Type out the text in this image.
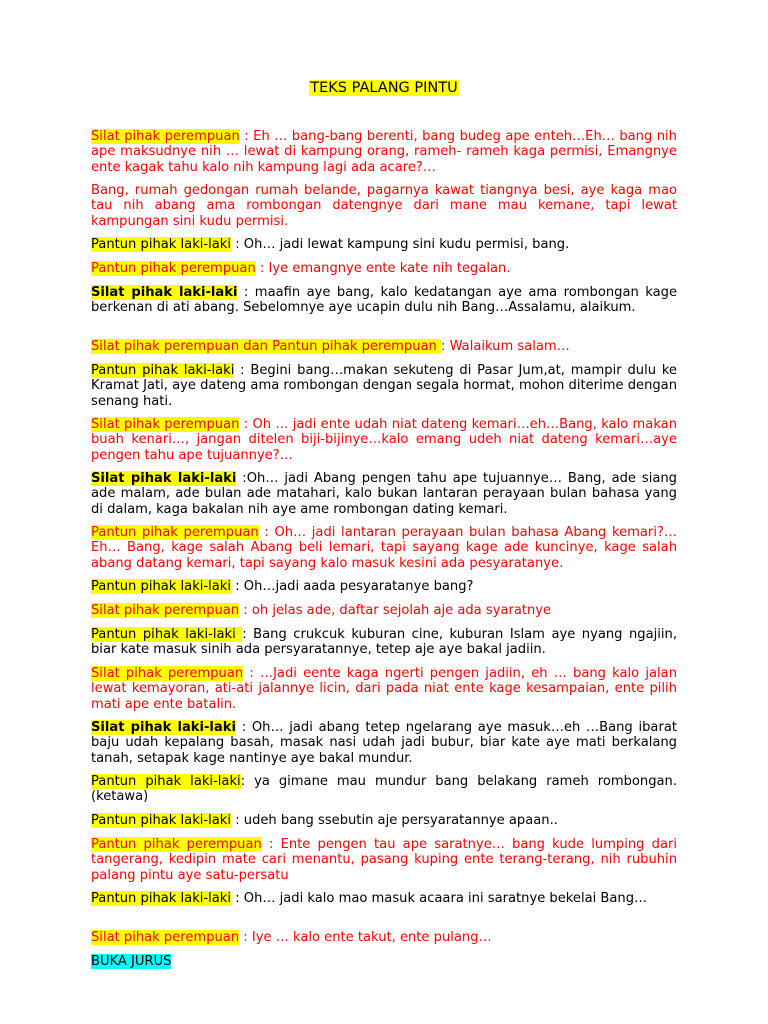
TEKS PALANG PINTU

Silat pihak perempuan : Eh … bang-bang berenti, bang budeg ape enteh…Eh… bang nih ape maksudnye nih … lewat di kampung orang, rameh- rameh kaga permisi, Emangnye ente kagak tahu kalo nih kampung lagi ada acare?…

Bang, rumah gedongan rumah belande, pagarnya kawat tiangnya besi, aye kaga mao tau nih abang ama rombongan datengnye dari mane mau kemane, tapi lewat kampungan sini kudu permisi.

Pantun pihak laki-laki : Oh… jadi lewat kampung sini kudu permisi, bang.

Pantun pihak perempuan : Iye emangnye ente kate nih tegalan.

Silat pihak laki-laki : maafin aye bang, kalo kedatangan aye ama rombongan kage berkenan di ati abang. Sebelomnye aye ucapin dulu nih Bang…Assalamu, alaikum.

Silat pihak perempuan dan Pantun pihak perempuan : Walaikum salam…

Pantun pihak laki-laki : Begini bang…makan sekuteng di Pasar Jum,at, mampir dulu ke Kramat Jati, aye dateng ama rombongan dengan segala hormat, mohon diterime dengan senang hati.

Silat pihak perempuan : Oh … jadi ente udah niat dateng kemari…eh…Bang, kalo makan buah kenari…, jangan ditelen biji-bijinye…kalo emang udeh niat dateng kemari…aye pengen tahu ape tujuannye?…

Silat pihak laki-laki :Oh… jadi Abang pengen tahu ape tujuannye… Bang, ade siang ade malam, ade bulan ade matahari, kalo bukan lantaran perayaan bulan bahasa yang di dalam, kaga bakalan nih aye ame rombongan dating kemari.

Pantun pihak perempuan : Oh… jadi lantaran perayaan bulan bahasa Abang kemari?…Eh… Bang, kage salah Abang beli lemari, tapi sayang kage ade kuncinye, kage salah abang datang kemari, tapi sayang kalo masuk kesini ada pesyaratanye.

Pantun pihak laki-laki : Oh…jadi aada pesyaratanye bang?

Silat pihak perempuan : oh jelas ade, daftar sejolah aje ada syaratnye

Pantun pihak laki-laki : Bang crukcuk kuburan cine, kuburan Islam aye nyang ngajiin, biar kate masuk sinih ada persyaratannye, tetep aje aye bakal jadiin.

Silat pihak perempuan : …Jadi eente kaga ngerti pengen jadiin, eh … bang kalo jalan lewat kemayoran, ati-ati jalannye licin, dari pada niat ente kage kesampaian, ente pilih mati ape ente batalin.

Silat pihak laki-laki : Oh… jadi abang tetep ngelarang aye masuk…eh …Bang ibarat baju udah kepalang basah, masak nasi udah jadi bubur, biar kate aye mati berkalang tanah, setapak kage nantinye aye bakal mundur.

Pantun pihak laki-laki: ya gimane mau mundur bang belakang rameh rombongan. (ketawa)

Pantun pihak laki-laki : udeh bang ssebutin aje persyaratannye apaan..

Pantun pihak perempuan : Ente pengen tau ape saratnye… bang kude lumping dari tangerang, kedipin mate cari menantu, pasang kuping ente terang-terang, nih rubuhin palang pintu aye satu-persatu

Pantun pihak laki-laki : Oh… jadi kalo mao masuk acaara ini saratnye bekelai Bang…

Silat pihak perempuan : Iye … kalo ente takut, ente pulang…

BUKA JURUS
